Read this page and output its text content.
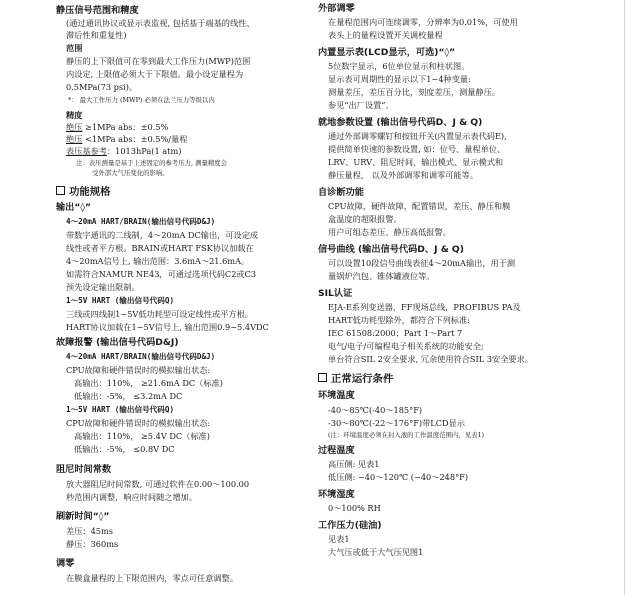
静压信号范围和精度
(通过通讯协议或显示表监视, 包括基于端基的线性、
滞后性和重复性)
范围
静压的上下限值可在零到最大工作压力(MWP)范围
内设定, 上限值必须大于下限值。最小设定量程为
0.5MPa(73 psi)。
*： 最大工作压力 (MWP) 必须在法兰压力等级以内
精度
绝压 ≥1MPa abs：±0.5%
绝压 <1MPa abs：±0.5%/量程
表压基参考：1013hPa(1 atm)
注：表压测量是基于上述固定的参考压力, 测量精度会
受外部大气压变化的影响。
功能规格
输出“◊”
4～20mA HART/BRAIN(输出信号代码D&J)
带数字通讯的二线制，4～20mA DC输出，可设定成
线性或者平方根。BRAIN或HART FSK协议加载在
4～20mA信号上, 输出范围：3.6mA～21.6mA。
如需符合NAMUR NE43，可通过选项代码C2或C3
预先设定输出限制。
1～5V HART (输出信号代码Q)
三线或四线制1~5V低功耗型可设定线性或平方根。
HART协议加载在1~5V信号上, 输出范围0.9~5.4VDC
故障报警 (输出信号代码D&J)
4～20mA HART/BRAIN(输出信号代码D&J)
CPU故障和硬件错误时的模拟输出状态:
高输出：110%， ≥21.6mA DC（标准)
低输出：-5%， ≤3.2mA DC
1～5V HART (输出信号代码Q)
CPU故障和硬件错误时的模拟输出状态:
高输出：110%， ≥5.4V DC（标准)
低输出：-5%， ≤0.8V DC
阻尼时间常数
放大器阻尼时间常数, 可通过软件在0.00～100.00
秒范围内调整，响应时间随之增加。
刷新时间“◊”
差压：45ms
静压：360ms
调零
在膜盒量程的上下限范围内，零点可任意调整。
外部调零
在量程范围内可连续调零，分辨率为0.01%，可使用
表头上的量程设置开关调校量程
内置显示表(LCD显示，可选)“◊”
5位数字显示，6位单位显示和柱状图。
显示表可周期性的显示以下1~4种变量:
测量差压，差压百分比，刻度差压，测量静压。
参见“出厂设置”。
就地参数设置 (输出信号代码D、J & Q)
通过外部调零螺钉和按钮开关(内置显示表代码E),
提供简单快速的参数设置, 如：位号、量程单位、
LRV、URV、阻尼时间、输出模式、显示模式和
静压量程， 以及外部调零和调零可能等。
自诊断功能
CPU故障，硬件故障，配置错误，差压、静压和膜
盒温度的超限报警。
用户可组态差压、静压高低报警。
信号曲线 (输出信号代码D、J & Q)
可以设置10段信号曲线表征4～20mA输出，用于测
量锅炉汽包、锥体罐液位等。
SIL认证
EJA-E系列变送器，FF现场总线，PROFIBUS PA及
HART低功耗型除外，都符合下列标准:
IEC 61508:2000；Part 1～Part 7
电气/电子/可编程电子相关系统的功能安全;
单台符合SIL 2安全要求, 冗余使用符合SIL 3安全要求。
正常运行条件
环境温度
-40～85℃(-40～185°F)
-30～80℃(-22～176°F)带LCD显示
(注：环境温度必须在封入液的工作温度范围内，见表1)
过程温度
高压侧: 见表1
低压侧: −40～120℃ (−40～248°F)
环境湿度
0～100% RH
工作压力(硅油)
见表1
大气压或低于大气压见图1
